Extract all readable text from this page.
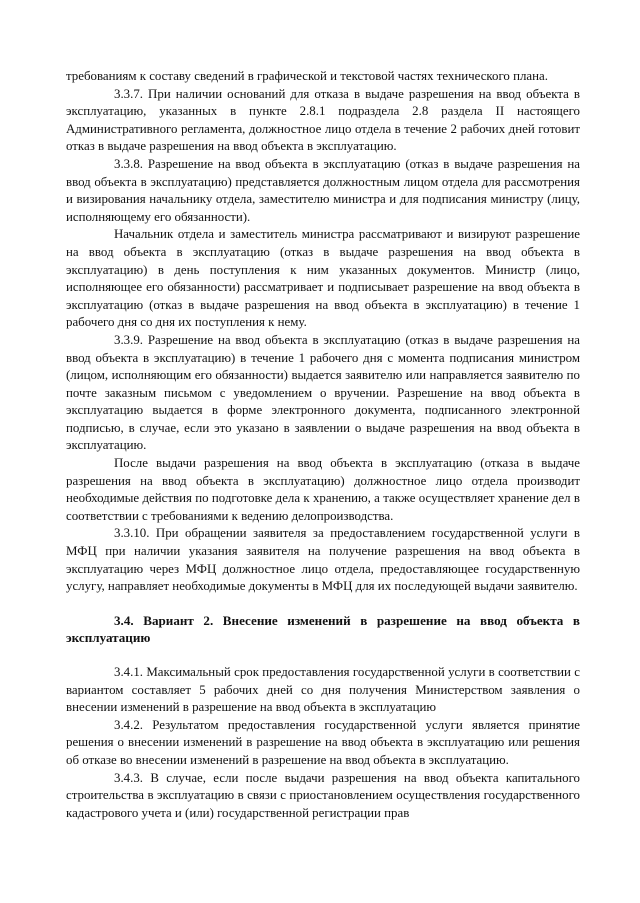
требованиям к составу сведений в графической и текстовой частях технического плана.

3.3.7. При наличии оснований для отказа в выдаче разрешения на ввод объекта в эксплуатацию, указанных в пункте 2.8.1 подраздела 2.8 раздела II настоящего Административного регламента, должностное лицо отдела в течение 2 рабочих дней готовит отказ в выдаче разрешения на ввод объекта в эксплуатацию.

3.3.8. Разрешение на ввод объекта в эксплуатацию (отказ в выдаче разрешения на ввод объекта в эксплуатацию) представляется должностным лицом отдела для рассмотрения и визирования начальнику отдела, заместителю министра и для подписания министру (лицу, исполняющему его обязанности).

Начальник отдела и заместитель министра рассматривают и визируют разрешение на ввод объекта в эксплуатацию (отказ в выдаче разрешения на ввод объекта в эксплуатацию) в день поступления к ним указанных документов. Министр (лицо, исполняющее его обязанности) рассматривает и подписывает разрешение на ввод объекта в эксплуатацию (отказ в выдаче разрешения на ввод объекта в эксплуатацию) в течение 1 рабочего дня со дня их поступления к нему.

3.3.9. Разрешение на ввод объекта в эксплуатацию (отказ в выдаче разрешения на ввод объекта в эксплуатацию) в течение 1 рабочего дня с момента подписания министром (лицом, исполняющим его обязанности) выдается заявителю или направляется заявителю по почте заказным письмом с уведомлением о вручении. Разрешение на ввод объекта в эксплуатацию выдается в форме электронного документа, подписанного электронной подписью, в случае, если это указано в заявлении о выдаче разрешения на ввод объекта в эксплуатацию.

После выдачи разрешения на ввод объекта в эксплуатацию (отказа в выдаче разрешения на ввод объекта в эксплуатацию) должностное лицо отдела производит необходимые действия по подготовке дела к хранению, а также осуществляет хранение дел в соответствии с требованиями к ведению делопроизводства.

3.3.10. При обращении заявителя за предоставлением государственной услуги в МФЦ при наличии указания заявителя на получение разрешения на ввод объекта в эксплуатацию через МФЦ должностное лицо отдела, предоставляющее государственную услугу, направляет необходимые документы в МФЦ для их последующей выдачи заявителю.

3.4. Вариант 2. Внесение изменений в разрешение на ввод объекта в эксплуатацию

3.4.1. Максимальный срок предоставления государственной услуги в соответствии с вариантом составляет 5 рабочих дней со дня получения Министерством заявления о внесении изменений в разрешение на ввод объекта в эксплуатацию

3.4.2. Результатом предоставления государственной услуги является принятие решения о внесении изменений в разрешение на ввод объекта в эксплуатацию или решения об отказе во внесении изменений в разрешение на ввод объекта в эксплуатацию.

3.4.3. В случае, если после выдачи разрешения на ввод объекта капитального строительства в эксплуатацию в связи с приостановлением осуществления государственного кадастрового учета и (или) государственной регистрации прав
